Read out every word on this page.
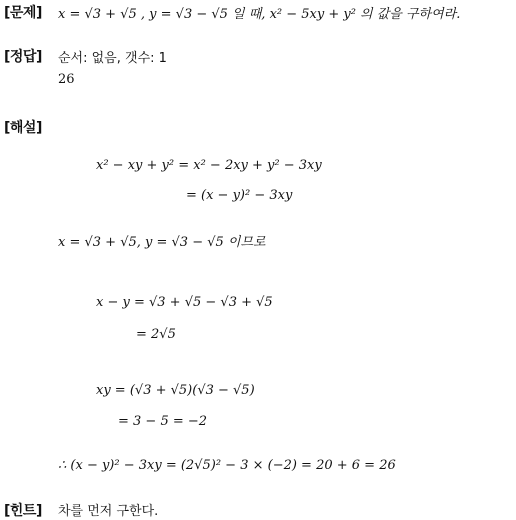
[문제] x = √3 + √5 , y = √3 − √5 일 때, x² − 5xy + y² 의 값을 구하여라.
[정답] 순서: 없음, 갯수: 1
26
[해설]
x² − xy + y² = x² − 2xy + y² − 3xy
= (x − y)² − 3xy
x = √3 + √5, y = √3 − √5 이므로
x − y = √3 + √5 − √3 + √5
= 2√5
xy = (√3 + √5)(√3 − √5)
= 3 − 5 = −2
∴ (x − y)² − 3xy = (2√5)² − 3 × (−2) = 20 + 6 = 26
[힌트] 차를 먼저 구한다.
